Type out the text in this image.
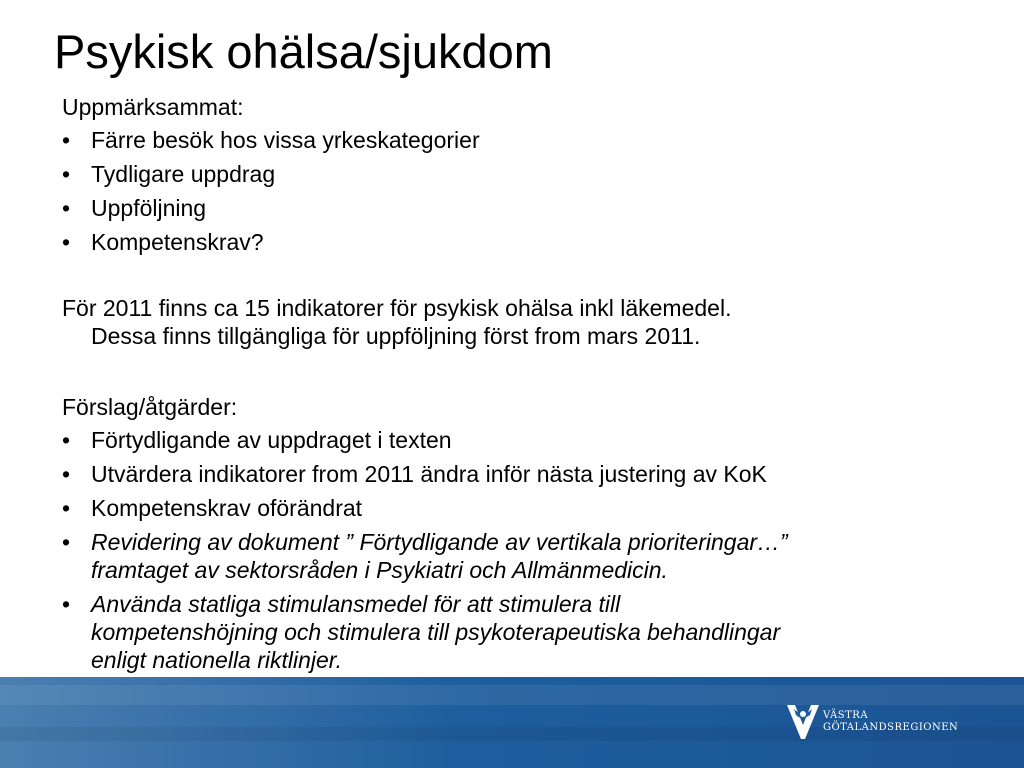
Psykisk ohälsa/sjukdom

Uppmärksammat:

• Färre besök hos vissa yrkeskategorier
• Tydligare uppdrag
• Uppföljning
• Kompetenskrav?

För 2011 finns ca 15 indikatorer för psykisk ohälsa inkl läkemedel.
Dessa finns tillgängliga för uppföljning först from mars 2011.

Förslag/åtgärder:

• Förtydligande av uppdraget i texten
• Utvärdera indikatorer from 2011 ändra inför nästa justering av KoK
• Kompetenskrav oförändrat
• Revidering av dokument ” Förtydligande av vertikala prioriteringar…”
framtaget av sektorsråden i Psykiatri och Allmänmedicin.
• Använda statliga stimulansmedel för att stimulera till
kompetenshöjning och stimulera till psykoterapeutiska behandlingar
enligt nationella riktlinjer.
VÄSTRA
GÖTALANDSREGIONEN
